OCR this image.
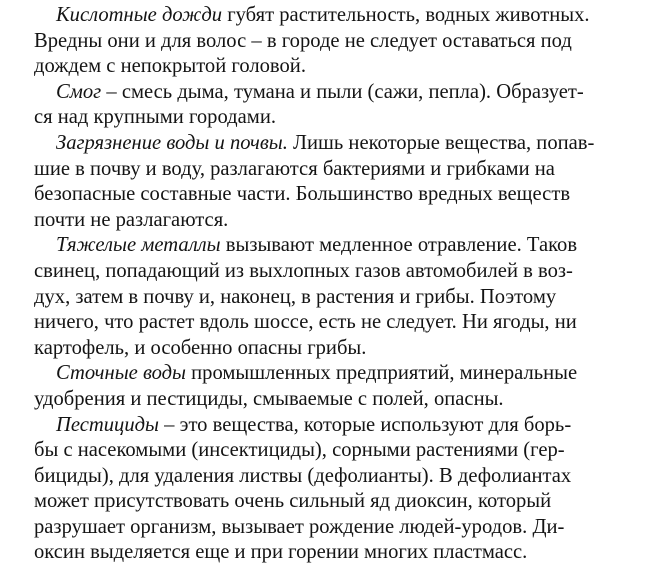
Кислотные дожди губят растительность, водных животных.
Вредны они и для волос – в городе не следует оставаться под
дождем с непокрытой головой.
Смог – смесь дыма, тумана и пыли (сажи, пепла). Образует-
ся над крупными городами.
Загрязнение воды и почвы. Лишь некоторые вещества, попав-
шие в почву и воду, разлагаются бактериями и грибками на
безопасные составные части. Большинство вредных веществ
почти не разлагаются.
Тяжелые металлы вызывают медленное отравление. Таков
свинец, попадающий из выхлопных газов автомобилей в воз-
дух, затем в почву и, наконец, в растения и грибы. Поэтому
ничего, что растет вдоль шоссе, есть не следует. Ни ягоды, ни
картофель, и особенно опасны грибы.
Сточные воды промышленных предприятий, минеральные
удобрения и пестициды, смываемые с полей, опасны.
Пестициды – это вещества, которые используют для борь-
бы с насекомыми (инсектициды), сорными растениями (гер-
бициды), для удаления листвы (дефолианты). В дефолиантах
может присутствовать очень сильный яд диоксин, который
разрушает организм, вызывает рождение людей-уродов. Ди-
оксин выделяется еще и при горении многих пластмасс.
